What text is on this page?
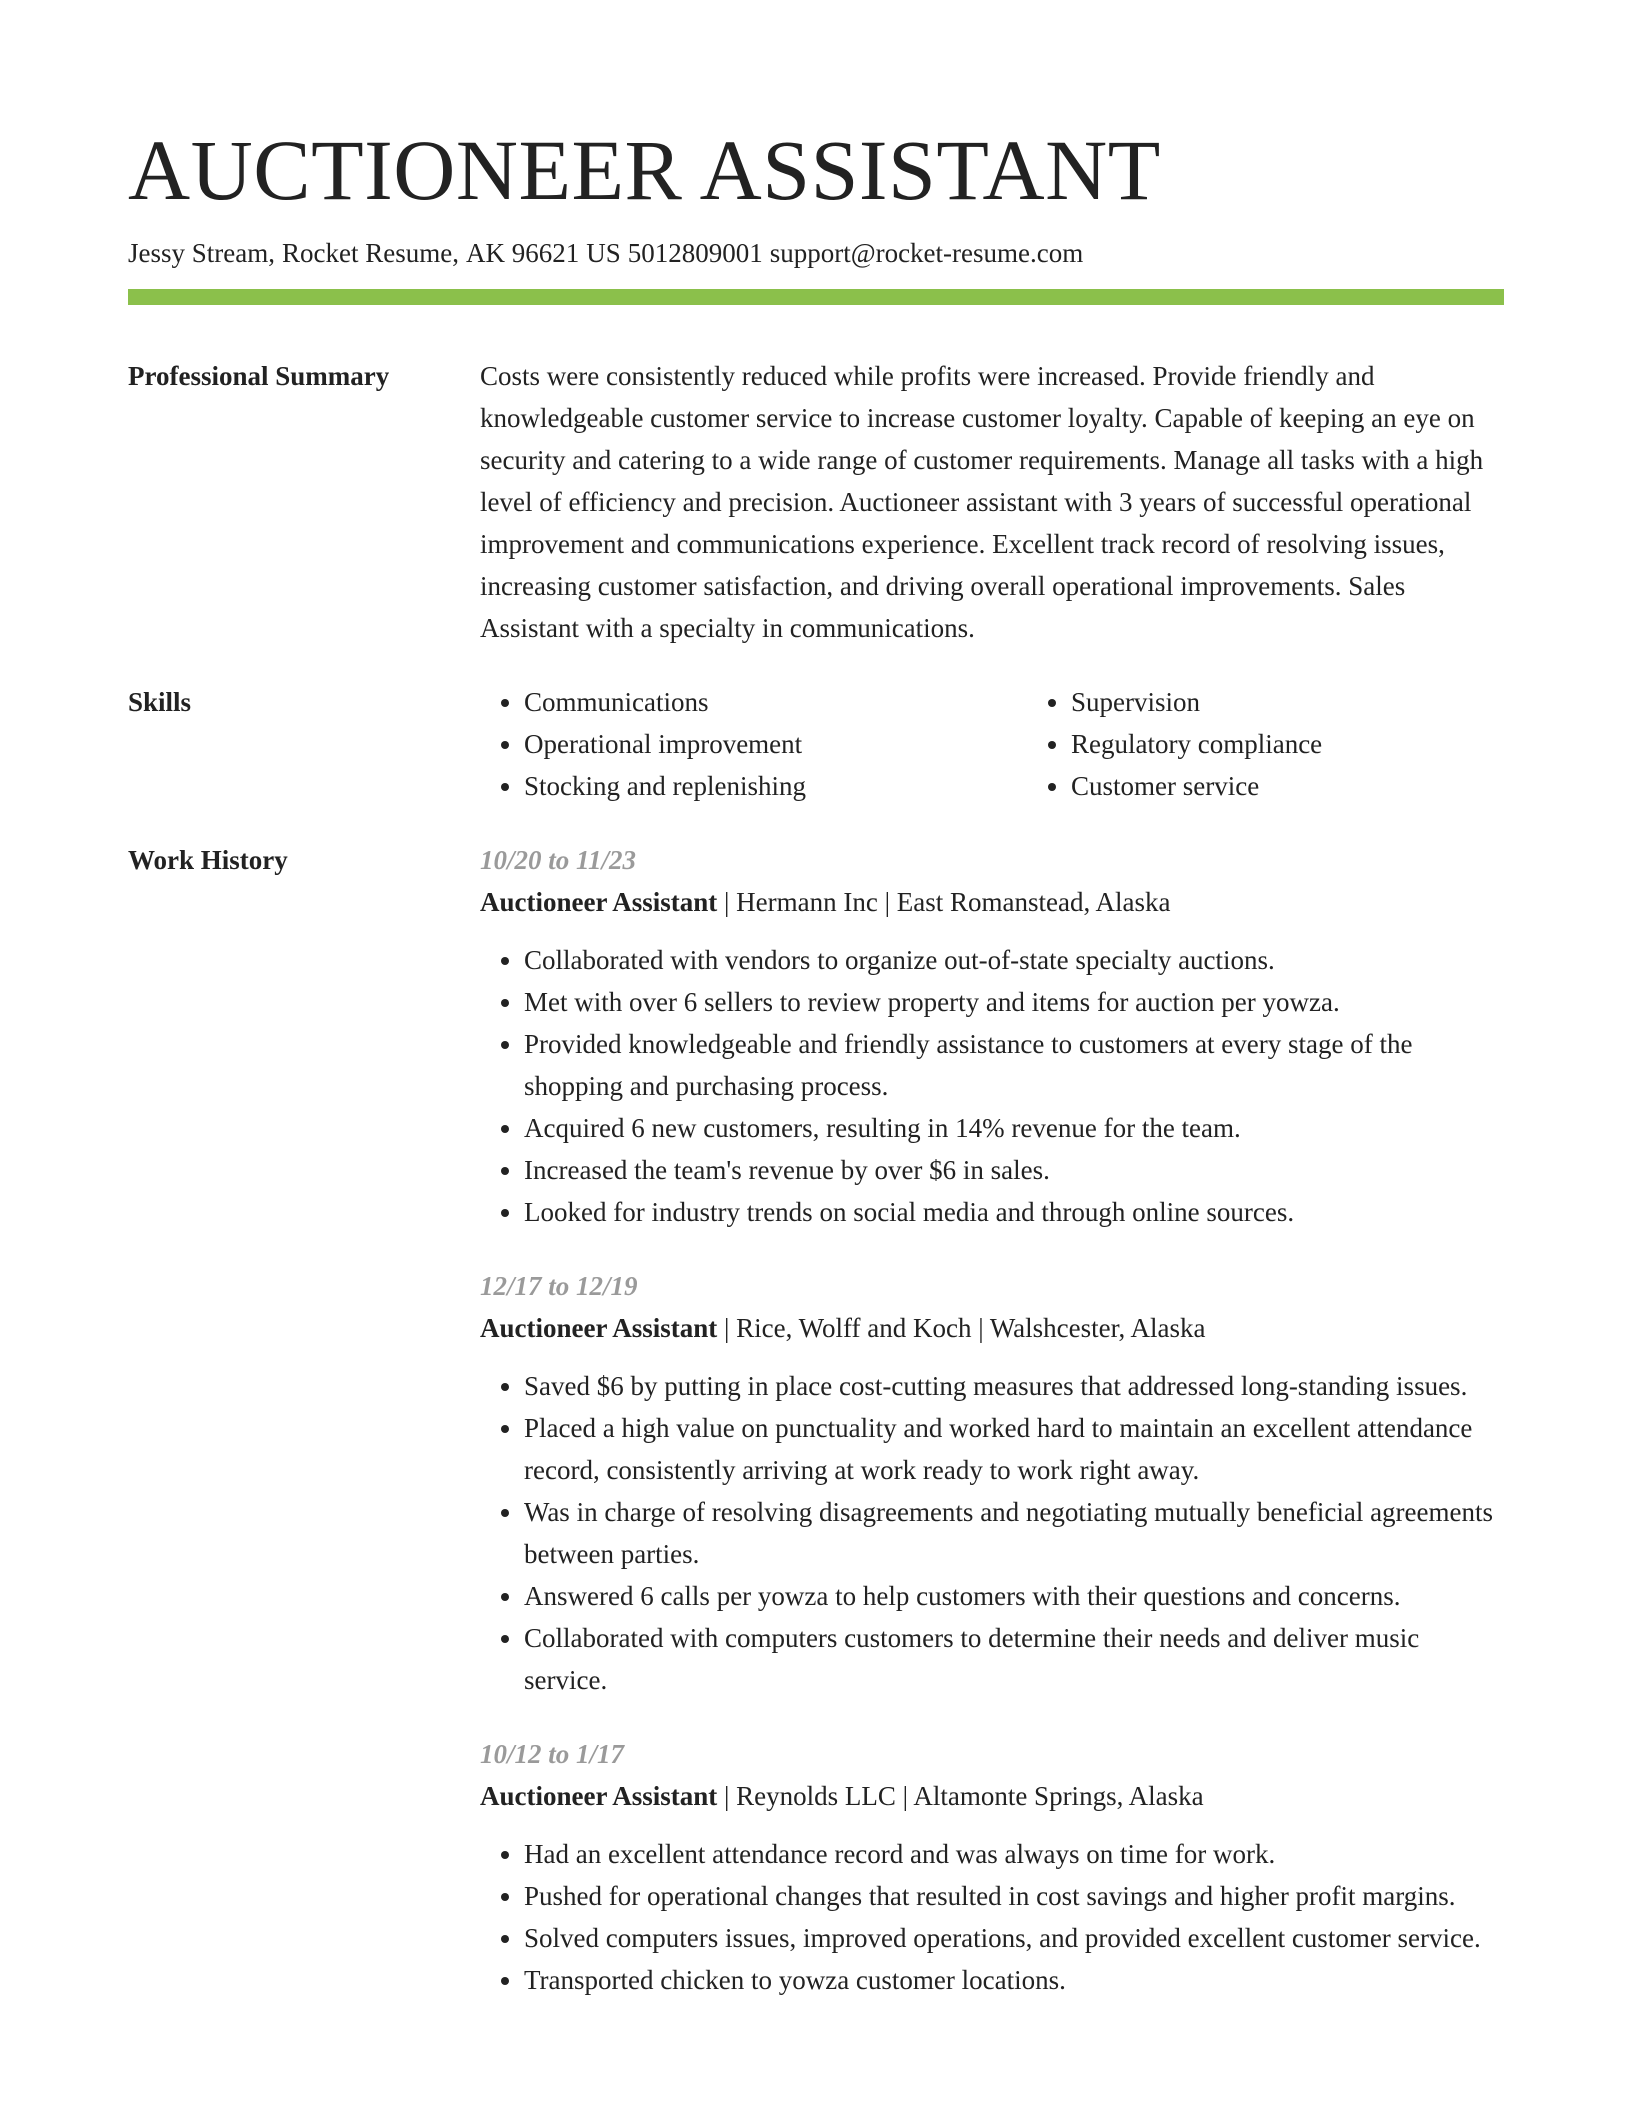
AUCTIONEER ASSISTANT
Jessy Stream, Rocket Resume, AK 96621 US 5012809001 support@rocket-resume.com
Professional Summary	Costs were consistently reduced while profits were increased. Provide friendly and knowledgeable customer service to increase customer loyalty. Capable of keeping an eye on security and catering to a wide range of customer requirements. Manage all tasks with a high level of efficiency and precision. Auctioneer assistant with 3 years of successful operational improvement and communications experience. Excellent track record of resolving issues, increasing customer satisfaction, and driving overall operational improvements. Sales Assistant with a specialty in communications.
Skills
•	Communications
• Operational improvement
• Stocking and replenishing
• Supervision
• Regulatory compliance
• Customer service
Work History	10/20 to 11/23
Auctioneer Assistant | Hermann Inc | East Romanstead, Alaska
• Collaborated with vendors to organize out-of-state specialty auctions.
• Met with over 6 sellers to review property and items for auction per yowza.
• Provided knowledgeable and friendly assistance to customers at every stage of the shopping and purchasing process.
• Acquired 6 new customers, resulting in 14% revenue for the team.
• Increased the team's revenue by over $6 in sales.
• Looked for industry trends on social media and through online sources.
12/17 to 12/19
Auctioneer Assistant | Rice, Wolff and Koch | Walshcester, Alaska
• Saved $6 by putting in place cost-cutting measures that addressed long-standing issues.
• Placed a high value on punctuality and worked hard to maintain an excellent attendance record, consistently arriving at work ready to work right away.
• Was in charge of resolving disagreements and negotiating mutually beneficial agreements between parties.
• Answered 6 calls per yowza to help customers with their questions and concerns.
• Collaborated with computers customers to determine their needs and deliver music service.
10/12 to 1/17
Auctioneer Assistant | Reynolds LLC | Altamonte Springs, Alaska
• Had an excellent attendance record and was always on time for work.
• Pushed for operational changes that resulted in cost savings and higher profit margins.
• Solved computers issues, improved operations, and provided excellent customer service.
• Transported chicken to yowza customer locations.
